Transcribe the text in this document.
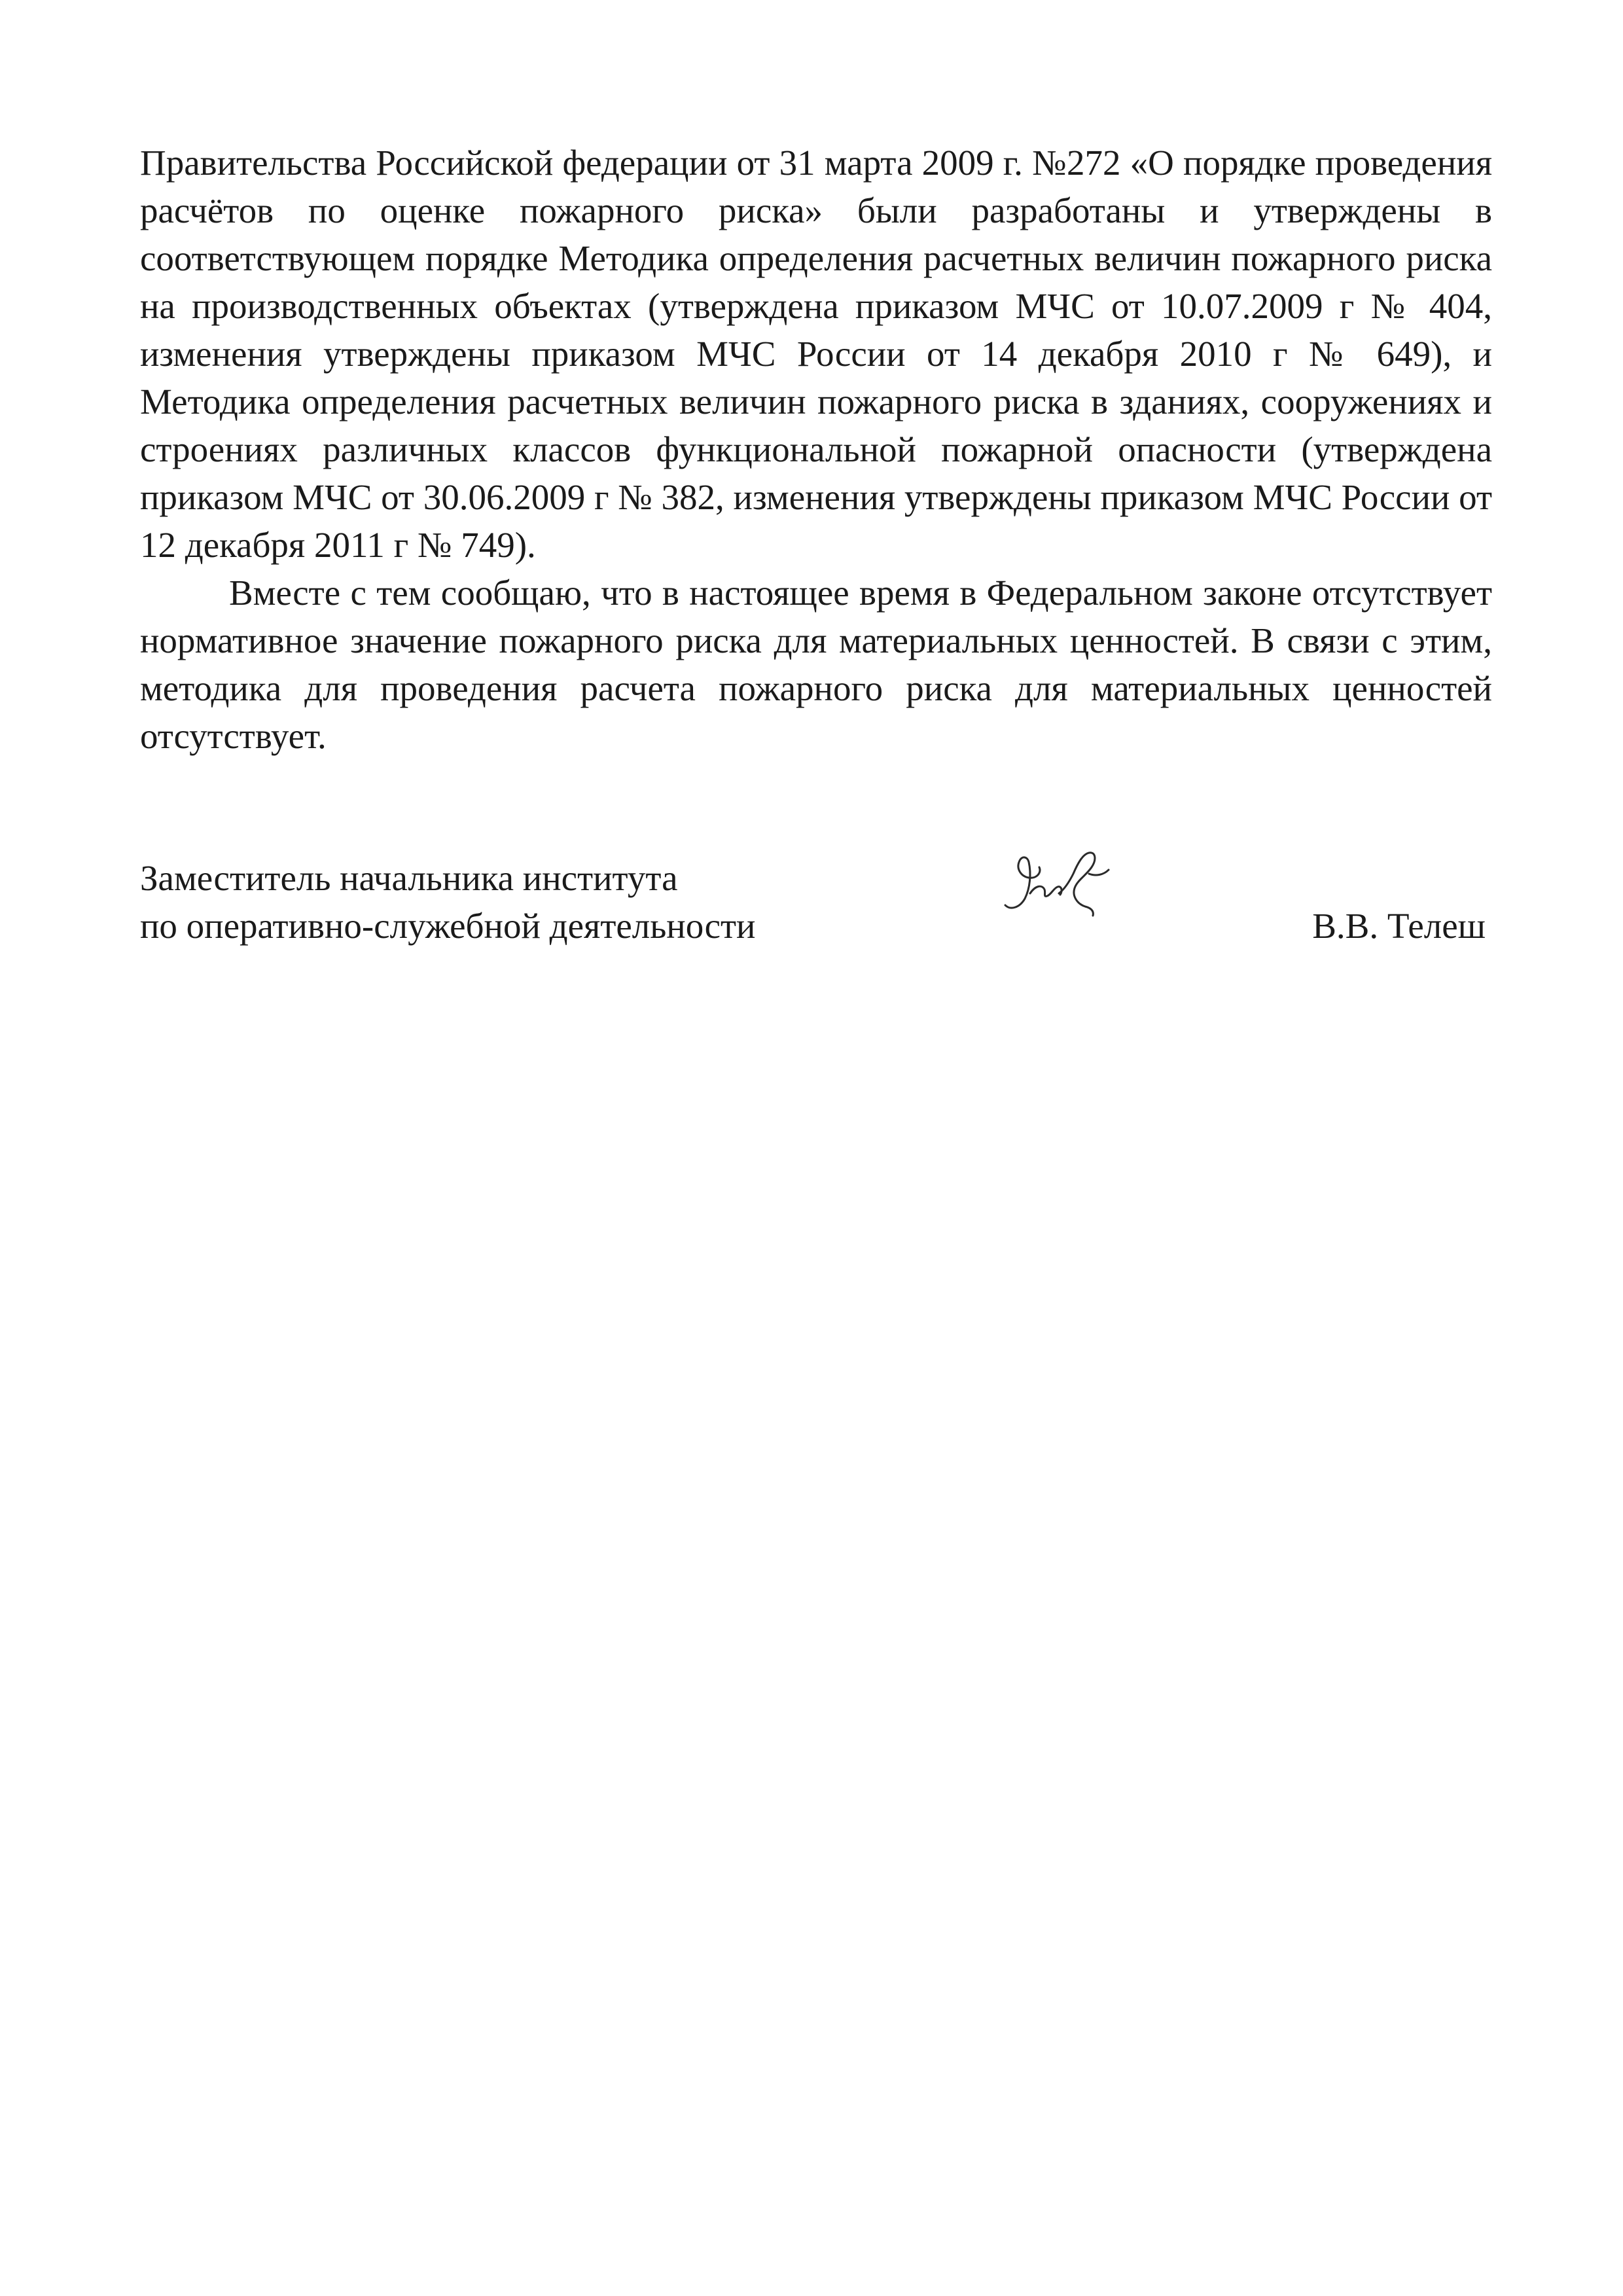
Правительства Российской федерации от 31 марта 2009 г. №272 «О порядке проведения расчётов по оценке пожарного риска» были разработаны и утверждены в соответствующем порядке Методика определения расчетных величин пожарного риска на производственных объектах (утверждена приказом МЧС от 10.07.2009 г № 404, изменения утверждены приказом МЧС России от 14 декабря 2010 г № 649), и Методика определения расчетных величин пожарного риска в зданиях, сооружениях и строениях различных классов функциональной пожарной опасности (утверждена приказом МЧС от 30.06.2009 г № 382, изменения утверждены приказом МЧС России от 12 декабря 2011 г № 749).

Вместе с тем сообщаю, что в настоящее время в Федеральном законе отсутствует нормативное значение пожарного риска для материальных ценностей. В связи с этим, методика для проведения расчета пожарного риска для материальных ценностей отсутствует.

Заместитель начальника института
по оперативно-служебной деятельности	В.В. Телеш
